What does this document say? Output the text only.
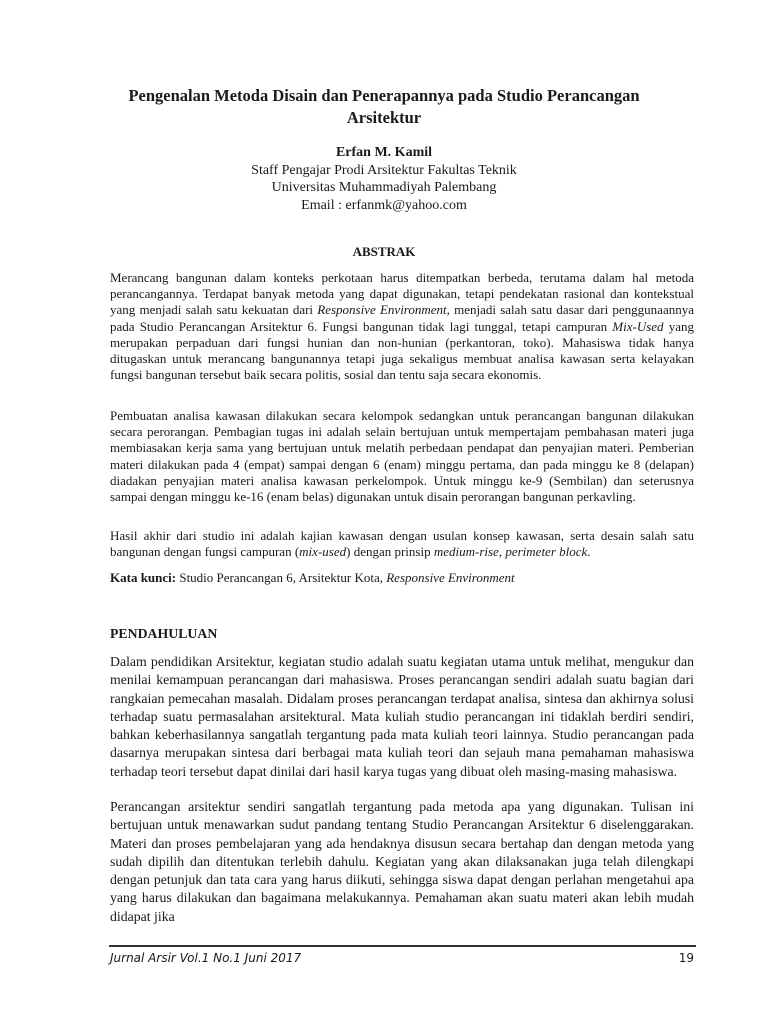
Pengenalan Metoda Disain dan Penerapannya pada Studio Perancangan Arsitektur
Erfan M. Kamil
Staff Pengajar Prodi Arsitektur Fakultas Teknik
Universitas Muhammadiyah Palembang
Email : erfanmk@yahoo.com
ABSTRAK

Merancang bangunan dalam konteks perkotaan harus ditempatkan berbeda, terutama dalam hal metoda perancangannya. Terdapat banyak metoda yang dapat digunakan, tetapi pendekatan rasional dan kontekstual yang menjadi salah satu kekuatan dari Responsive Environment, menjadi salah satu dasar dari penggunaannya pada Studio Perancangan Arsitektur 6. Fungsi bangunan tidak lagi tunggal, tetapi campuran Mix-Used yang merupakan perpaduan dari fungsi hunian dan non-hunian (perkantoran, toko). Mahasiswa tidak hanya ditugaskan untuk merancang bangunannya tetapi juga sekaligus membuat analisa kawasan serta kelayakan fungsi bangunan tersebut baik secara politis, sosial dan tentu saja secara ekonomis.

Pembuatan analisa kawasan dilakukan secara kelompok sedangkan untuk perancangan bangunan dilakukan secara perorangan. Pembagian tugas ini adalah selain bertujuan untuk mempertajam pembahasan materi juga membiasakan kerja sama yang bertujuan untuk melatih perbedaan pendapat dan penyajian materi. Pemberian materi dilakukan pada 4 (empat) sampai dengan 6 (enam) minggu pertama, dan pada minggu ke 8 (delapan) diadakan penyajian materi analisa kawasan perkelompok. Untuk minggu ke-9 (Sembilan) dan seterusnya sampai dengan minggu ke-16 (enam belas) digunakan untuk disain perorangan bangunan perkavling.

Hasil akhir dari studio ini adalah kajian kawasan dengan usulan konsep kawasan, serta desain salah satu bangunan dengan fungsi campuran (mix-used) dengan prinsip medium-rise, perimeter block.

Kata kunci: Studio Perancangan 6, Arsitektur Kota, Responsive Environment

PENDAHULUAN

Dalam pendidikan Arsitektur, kegiatan studio adalah suatu kegiatan utama untuk melihat, mengukur dan menilai kemampuan perancangan dari mahasiswa. Proses perancangan sendiri adalah suatu bagian dari rangkaian pemecahan masalah. Didalam proses perancangan terdapat analisa, sintesa dan akhirnya solusi terhadap suatu permasalahan arsitektural. Mata kuliah studio perancangan ini tidaklah berdiri sendiri, bahkan keberhasilannya sangatlah tergantung pada mata kuliah teori lainnya. Studio perancangan pada dasarnya merupakan sintesa dari berbagai mata kuliah teori dan sejauh mana pemahaman mahasiswa terhadap teori tersebut dapat dinilai dari hasil karya tugas yang dibuat oleh masing-masing mahasiswa.

Perancangan arsitektur sendiri sangatlah tergantung pada metoda apa yang digunakan. Tulisan ini bertujuan untuk menawarkan sudut pandang tentang Studio Perancangan Arsitektur 6 diselenggarakan. Materi dan proses pembelajaran yang ada hendaknya disusun secara bertahap dan dengan metoda yang sudah dipilih dan ditentukan terlebih dahulu. Kegiatan yang akan dilaksanakan juga telah dilengkapi dengan petunjuk dan tata cara yang harus diikuti, sehingga siswa dapat dengan perlahan mengetahui apa yang harus dilakukan dan bagaimana melakukannya. Pemahaman akan suatu materi akan lebih mudah didapat jika

Jurnal Arsir Vol.1 No.1 Juni 2017	19
